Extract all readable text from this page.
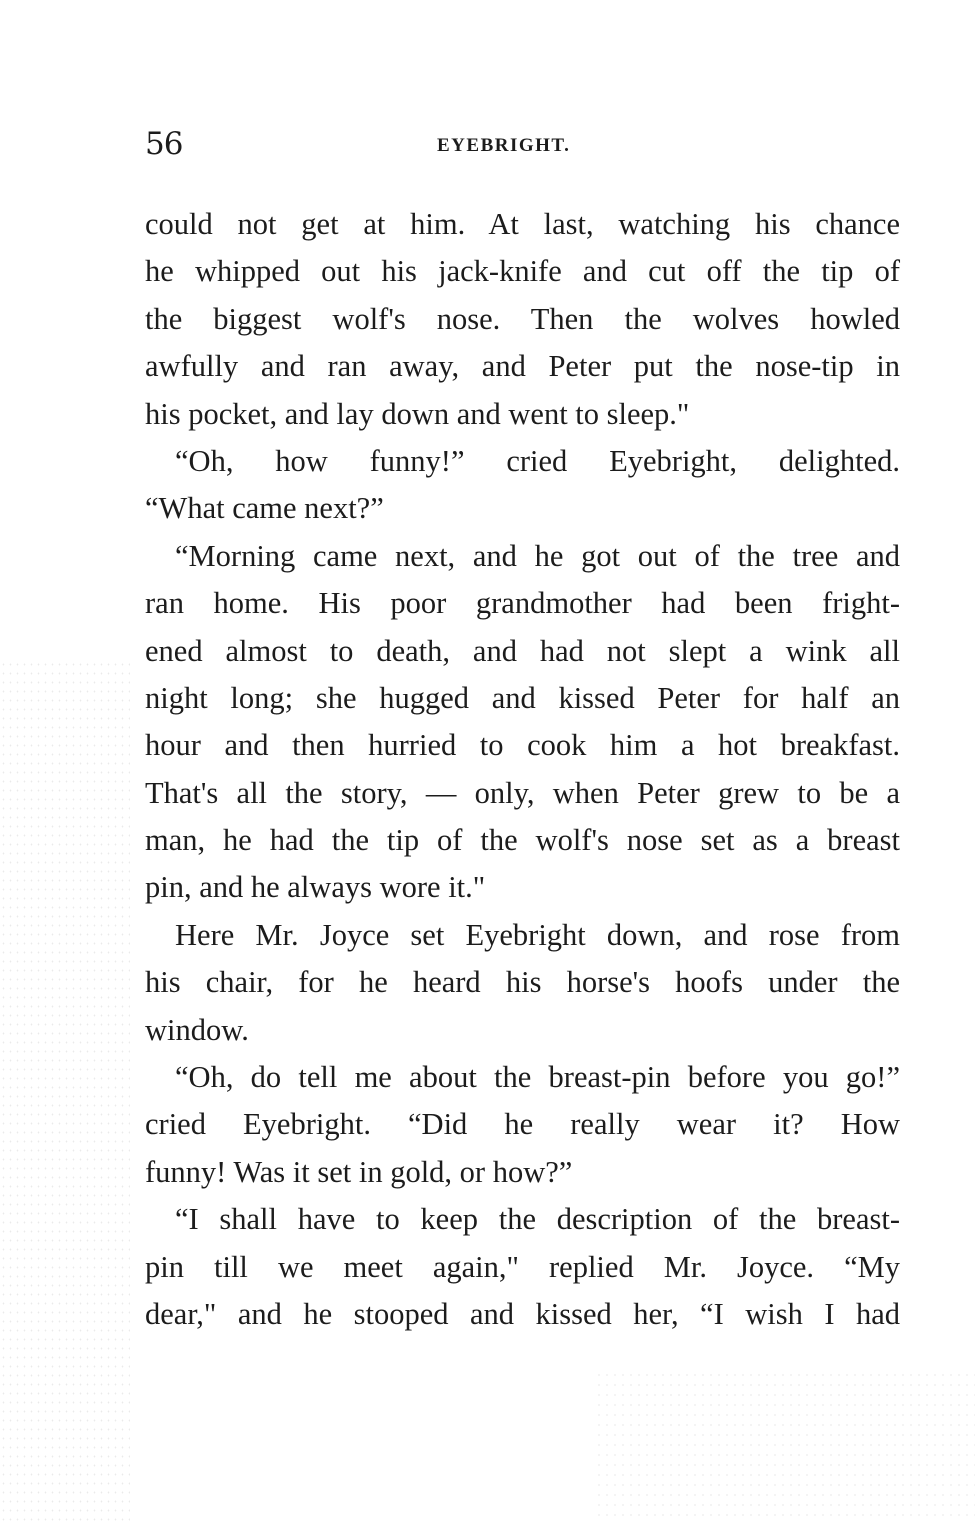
56	EYEBRIGHT.
could not get at him. At last, watching his chance
he whipped out his jack-knife and cut off the tip of
the biggest wolf's nose. Then the wolves howled
awfully and ran away, and Peter put the nose-tip in
his pocket, and lay down and went to sleep."
“Oh, how funny!” cried Eyebright, delighted.
“What came next?”
“Morning came next, and he got out of the tree and
ran home. His poor grandmother had been fright-
ened almost to death, and had not slept a wink all
night long; she hugged and kissed Peter for half an
hour and then hurried to cook him a hot breakfast.
That's all the story, — only, when Peter grew to be a
man, he had the tip of the wolf's nose set as a breast
pin, and he always wore it."
Here Mr. Joyce set Eyebright down, and rose from
his chair, for he heard his horse's hoofs under the
window.
“Oh, do tell me about the breast-pin before you go!”
cried Eyebright. “Did he really wear it? How
funny! Was it set in gold, or how?”
“I shall have to keep the description of the breast-
pin till we meet again," replied Mr. Joyce. “My
dear," and he stooped and kissed her, “I wish I had
